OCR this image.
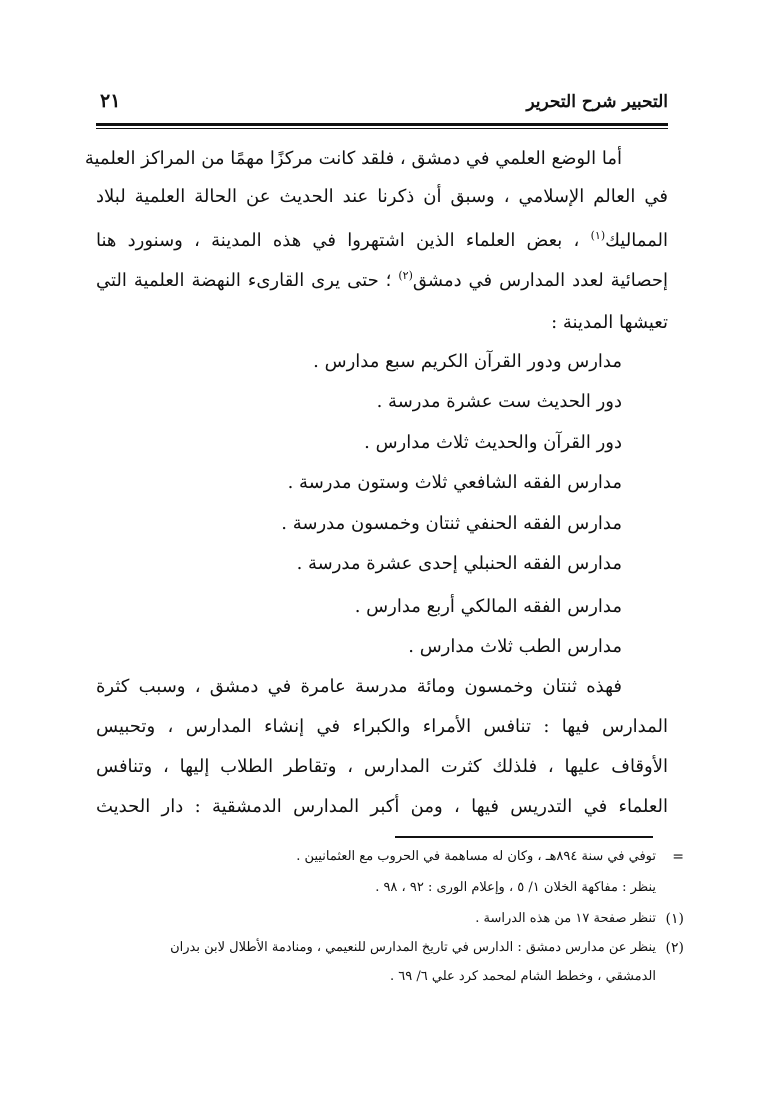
التحبير شرح التحرير
٢١
أما الوضع العلمي في دمشق ، فلقد كانت مركزًا مهمًا من المراكز العلمية
في العالم الإسلامي ، وسبق أن ذكرنا عند الحديث عن الحالة العلمية لبلاد
المماليك$^{(١)}$ ، بعض العلماء الذين اشتهروا في هذه المدينة ، وسنورد هنا
إحصائية لعدد المدارس في دمشق$^{(٢)}$ ؛ حتى يرى القارىء النهضة العلمية التي
تعيشها المدينة :
مدارس ودور القرآن الكريم سبع مدارس .
دور الحديث ست عشرة مدرسة .
دور القرآن والحديث ثلاث مدارس .
مدارس الفقه الشافعي ثلاث وستون مدرسة .
مدارس الفقه الحنفي ثنتان وخمسون مدرسة .
مدارس الفقه الحنبلي إحدى عشرة مدرسة .
مدارس الفقه المالكي أربع مدارس .
مدارس الطب ثلاث مدارس .
فهذه ثنتان وخمسون ومائة مدرسة عامرة في دمشق ، وسبب كثرة
المدارس فيها : تنافس الأمراء والكبراء في إنشاء المدارس ، وتحبيس
الأوقاف عليها ، فلذلك كثرت المدارس ، وتقاطر الطلاب إليها ، وتنافس
العلماء في التدريس فيها ، ومن أكبر المدارس الدمشقية : دار الحديث
=
توفي في سنة ٨٩٤هـ ، وكان له مساهمة في الحروب مع العثمانيين .
ينظر : مفاكهة الخلان ١/ ٥ ، وإعلام الورى : ٩٢ ، ٩٨ .
(١)
تنظر صفحة ١٧ من هذه الدراسة .
(٢)
ينظر عن مدارس دمشق : الدارس في تاريخ المدارس للنعيمي ، ومنادمة الأطلال لابن بدران
الدمشقي ، وخطط الشام لمحمد كرد علي ٦/ ٦٩ .
